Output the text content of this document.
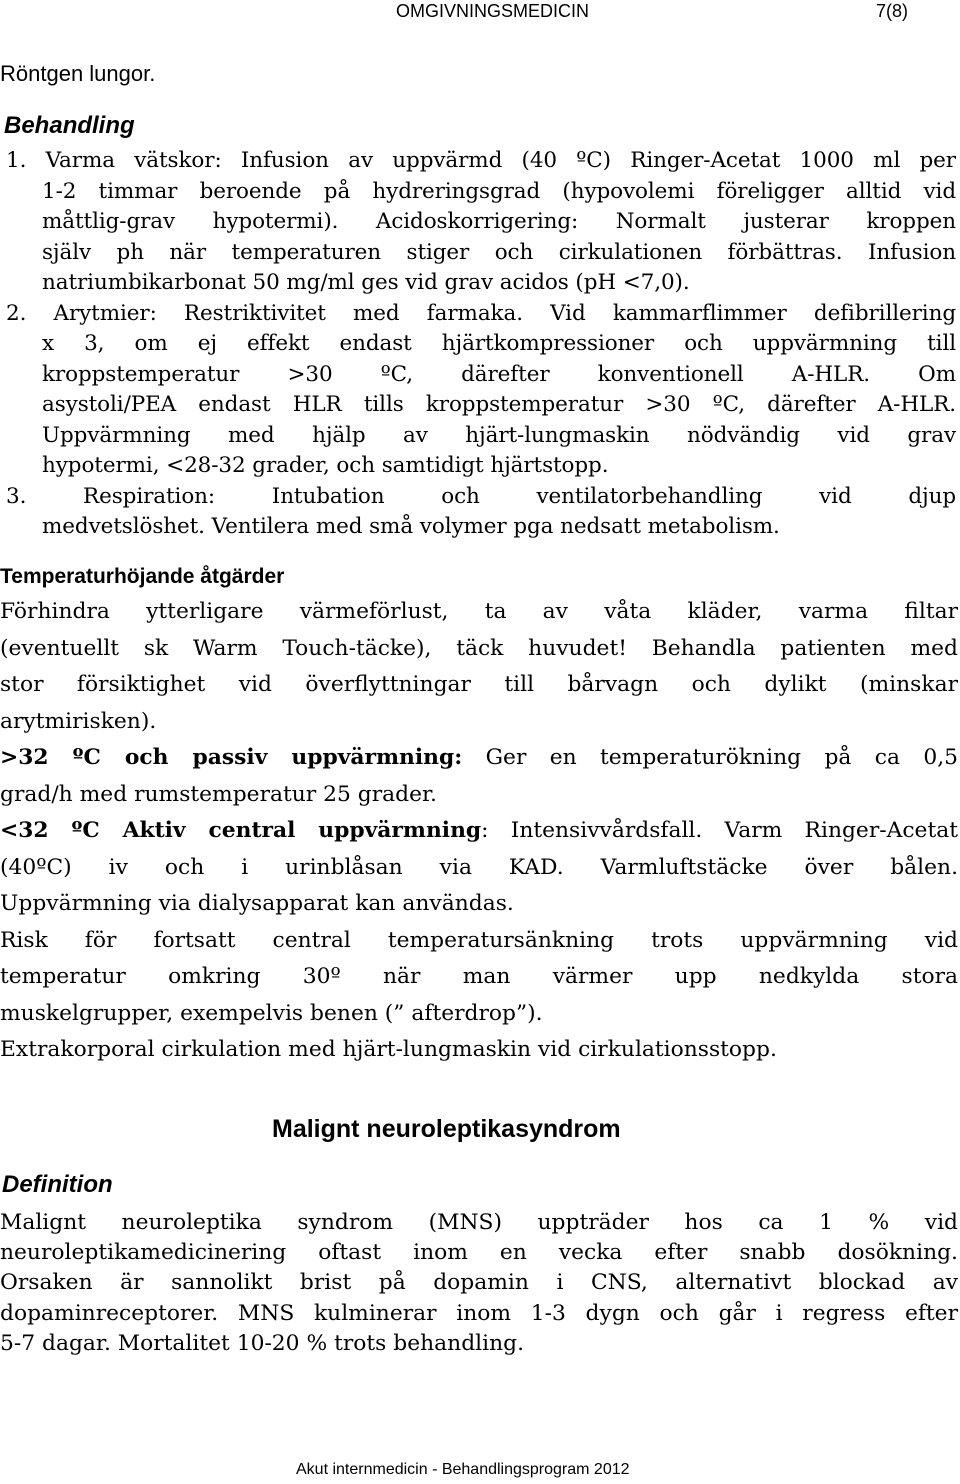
OMGIVNINGSMEDICIN	7(8)
Röntgen lungor.
Behandling
1. Varma vätskor: Infusion av uppvärmd (40 ºC) Ringer-Acetat 1000 ml per
1-2 timmar beroende på hydreringsgrad (hypovolemi föreligger alltid vid
måttlig-grav hypotermi). Acidoskorrigering: Normalt justerar kroppen
själv ph när temperaturen stiger och cirkulationen förbättras. Infusion
natriumbikarbonat 50 mg/ml ges vid grav acidos (pH <7,0).
2. Arytmier: Restriktivitet med farmaka. Vid kammarflimmer defibrillering
x 3, om ej effekt endast hjärtkompressioner och uppvärmning till
kroppstemperatur >30 ºC, därefter konventionell A-HLR. Om
asystoli/PEA endast HLR tills kroppstemperatur >30 ºC, därefter A-HLR.
Uppvärmning med hjälp av hjärt-lungmaskin nödvändig vid grav
hypotermi, <28-32 grader, och samtidigt hjärtstopp.
3. Respiration: Intubation och ventilatorbehandling vid djup
medvetslöshet. Ventilera med små volymer pga nedsatt metabolism.
Temperaturhöjande åtgärder
Förhindra ytterligare värmeförlust, ta av våta kläder, varma filtar
(eventuellt sk Warm Touch-täcke), täck huvudet! Behandla patienten med
stor försiktighet vid överflyttningar till bårvagn och dylikt (minskar
arytmirisken).
>32 ºC och passiv uppvärmning: Ger en temperaturökning på ca 0,5
grad/h med rumstemperatur 25 grader.
<32 ºC Aktiv central uppvärmning: Intensivvårdsfall. Varm Ringer-Acetat
(40ºC) iv och i urinblåsan via KAD. Varmluftstäcke över bålen.
Uppvärmning via dialysapparat kan användas.
Risk för fortsatt central temperatursänkning trots uppvärmning vid
temperatur omkring 30º när man värmer upp nedkylda stora
muskelgrupper, exempelvis benen (” afterdrop”).
Extrakorporal cirkulation med hjärt-lungmaskin vid cirkulationsstopp.
Malignt neuroleptikasyndrom
Definition
Malignt neuroleptika syndrom (MNS) uppträder hos ca 1 % vid
neuroleptikamedicinering oftast inom en vecka efter snabb dosökning.
Orsaken är sannolikt brist på dopamin i CNS, alternativt blockad av
dopaminreceptorer. MNS kulminerar inom 1-3 dygn och går i regress efter
5-7 dagar. Mortalitet 10-20 % trots behandling.
Akut internmedicin - Behandlingsprogram 2012
